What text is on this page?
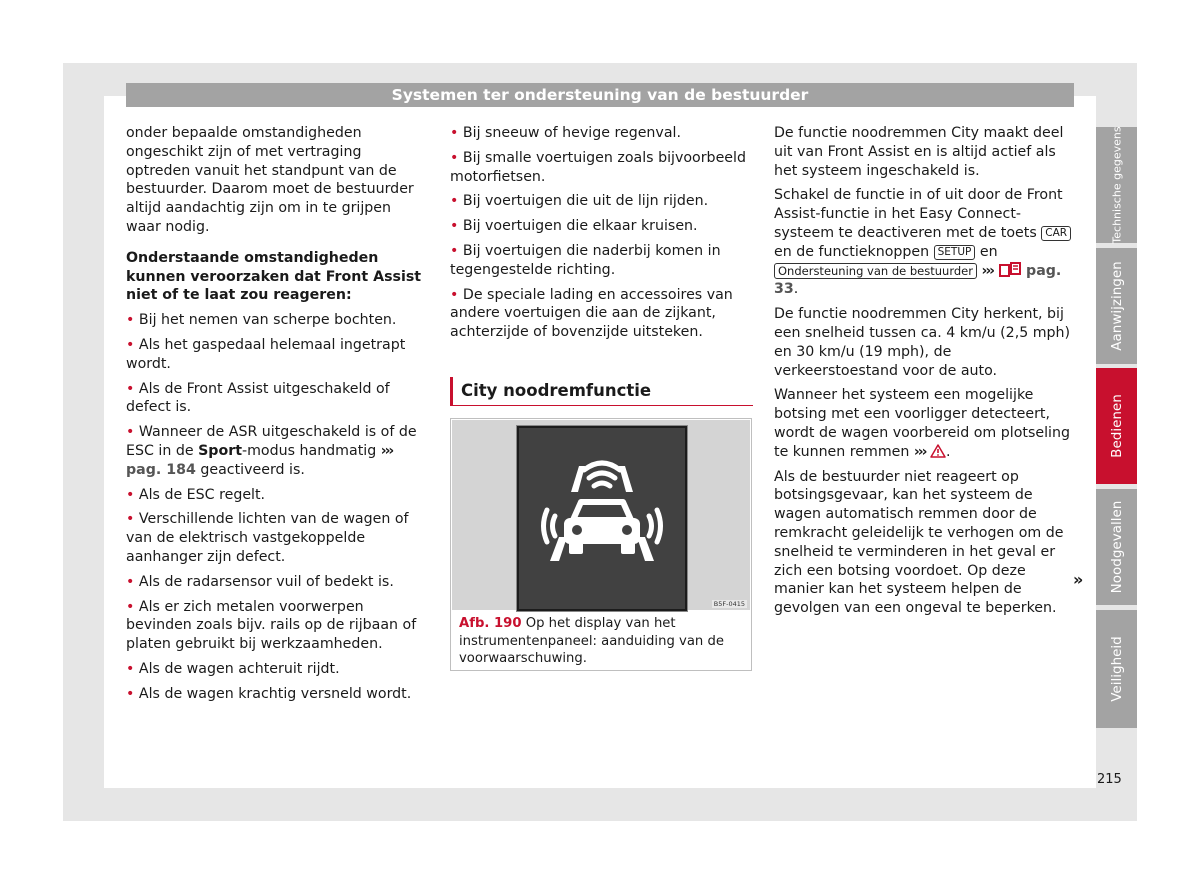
Systemen ter ondersteuning van de bestuurder

onder bepaalde omstandigheden ongeschikt zijn of met vertraging optreden vanuit het standpunt van de bestuurder. Daarom moet de bestuurder altijd aandachtig zijn om in te grijpen waar nodig.

Onderstaande omstandigheden kunnen veroorzaken dat Front Assist niet of te laat zou reageren:

• Bij het nemen van scherpe bochten.

• Als het gaspedaal helemaal ingetrapt wordt.

• Als de Front Assist uitgeschakeld of defect is.

• Wanneer de ASR uitgeschakeld is of de ESC in de Sport-modus handmatig ››› pag. 184 geactiveerd is.

• Als de ESC regelt.

• Verschillende lichten van de wagen of van de elektrisch vastgekoppelde aanhanger zijn defect.

• Als de radarsensor vuil of bedekt is.

• Als er zich metalen voorwerpen bevinden zoals bijv. rails op de rijbaan of platen gebruikt bij werkzaamheden.

• Als de wagen achteruit rijdt.

• Als de wagen krachtig versneld wordt.

• Bij sneeuw of hevige regenval.

• Bij smalle voertuigen zoals bijvoorbeeld motorfietsen.

• Bij voertuigen die uit de lijn rijden.

• Bij voertuigen die elkaar kruisen.

• Bij voertuigen die naderbij komen in tegengestelde richting.

• De speciale lading en accessoires van andere voertuigen die aan de zijkant, achterzijde of bovenzijde uitsteken.

City noodremfunctie
B5F-0415
Afb. 190 Op het display van het instrumentenpaneel: aanduiding van de voorwaarschuwing.

De functie noodremmen City maakt deel uit van Front Assist en is altijd actief als het systeem ingeschakeld is.

Schakel de functie in of uit door de Front Assist-functie in het Easy Connect-systeem te deactiveren met de toets CAR en de functieknoppen SETUP en
Ondersteuning van de bestuurder ››› pag. 33.

De functie noodremmen City herkent, bij een snelheid tussen ca. 4 km/u (2,5 mph) en 30 km/u (19 mph), de verkeerstoestand voor de auto.

Wanneer het systeem een mogelijke botsing met een voorligger detecteert, wordt de wagen voorbereid om plotseling te kunnen remmen ››› .

Als de bestuurder niet reageert op botsingsgevaar, kan het systeem de wagen automatisch remmen door de remkracht geleidelijk te verhogen om de snelheid te verminderen in het geval er zich een botsing voordoet. Op deze manier kan het systeem helpen de gevolgen van een ongeval te beperken.

»
Technische gegevens
Aanwijzingen
Bedienen
Noodgevallen
Veiligheid
215
